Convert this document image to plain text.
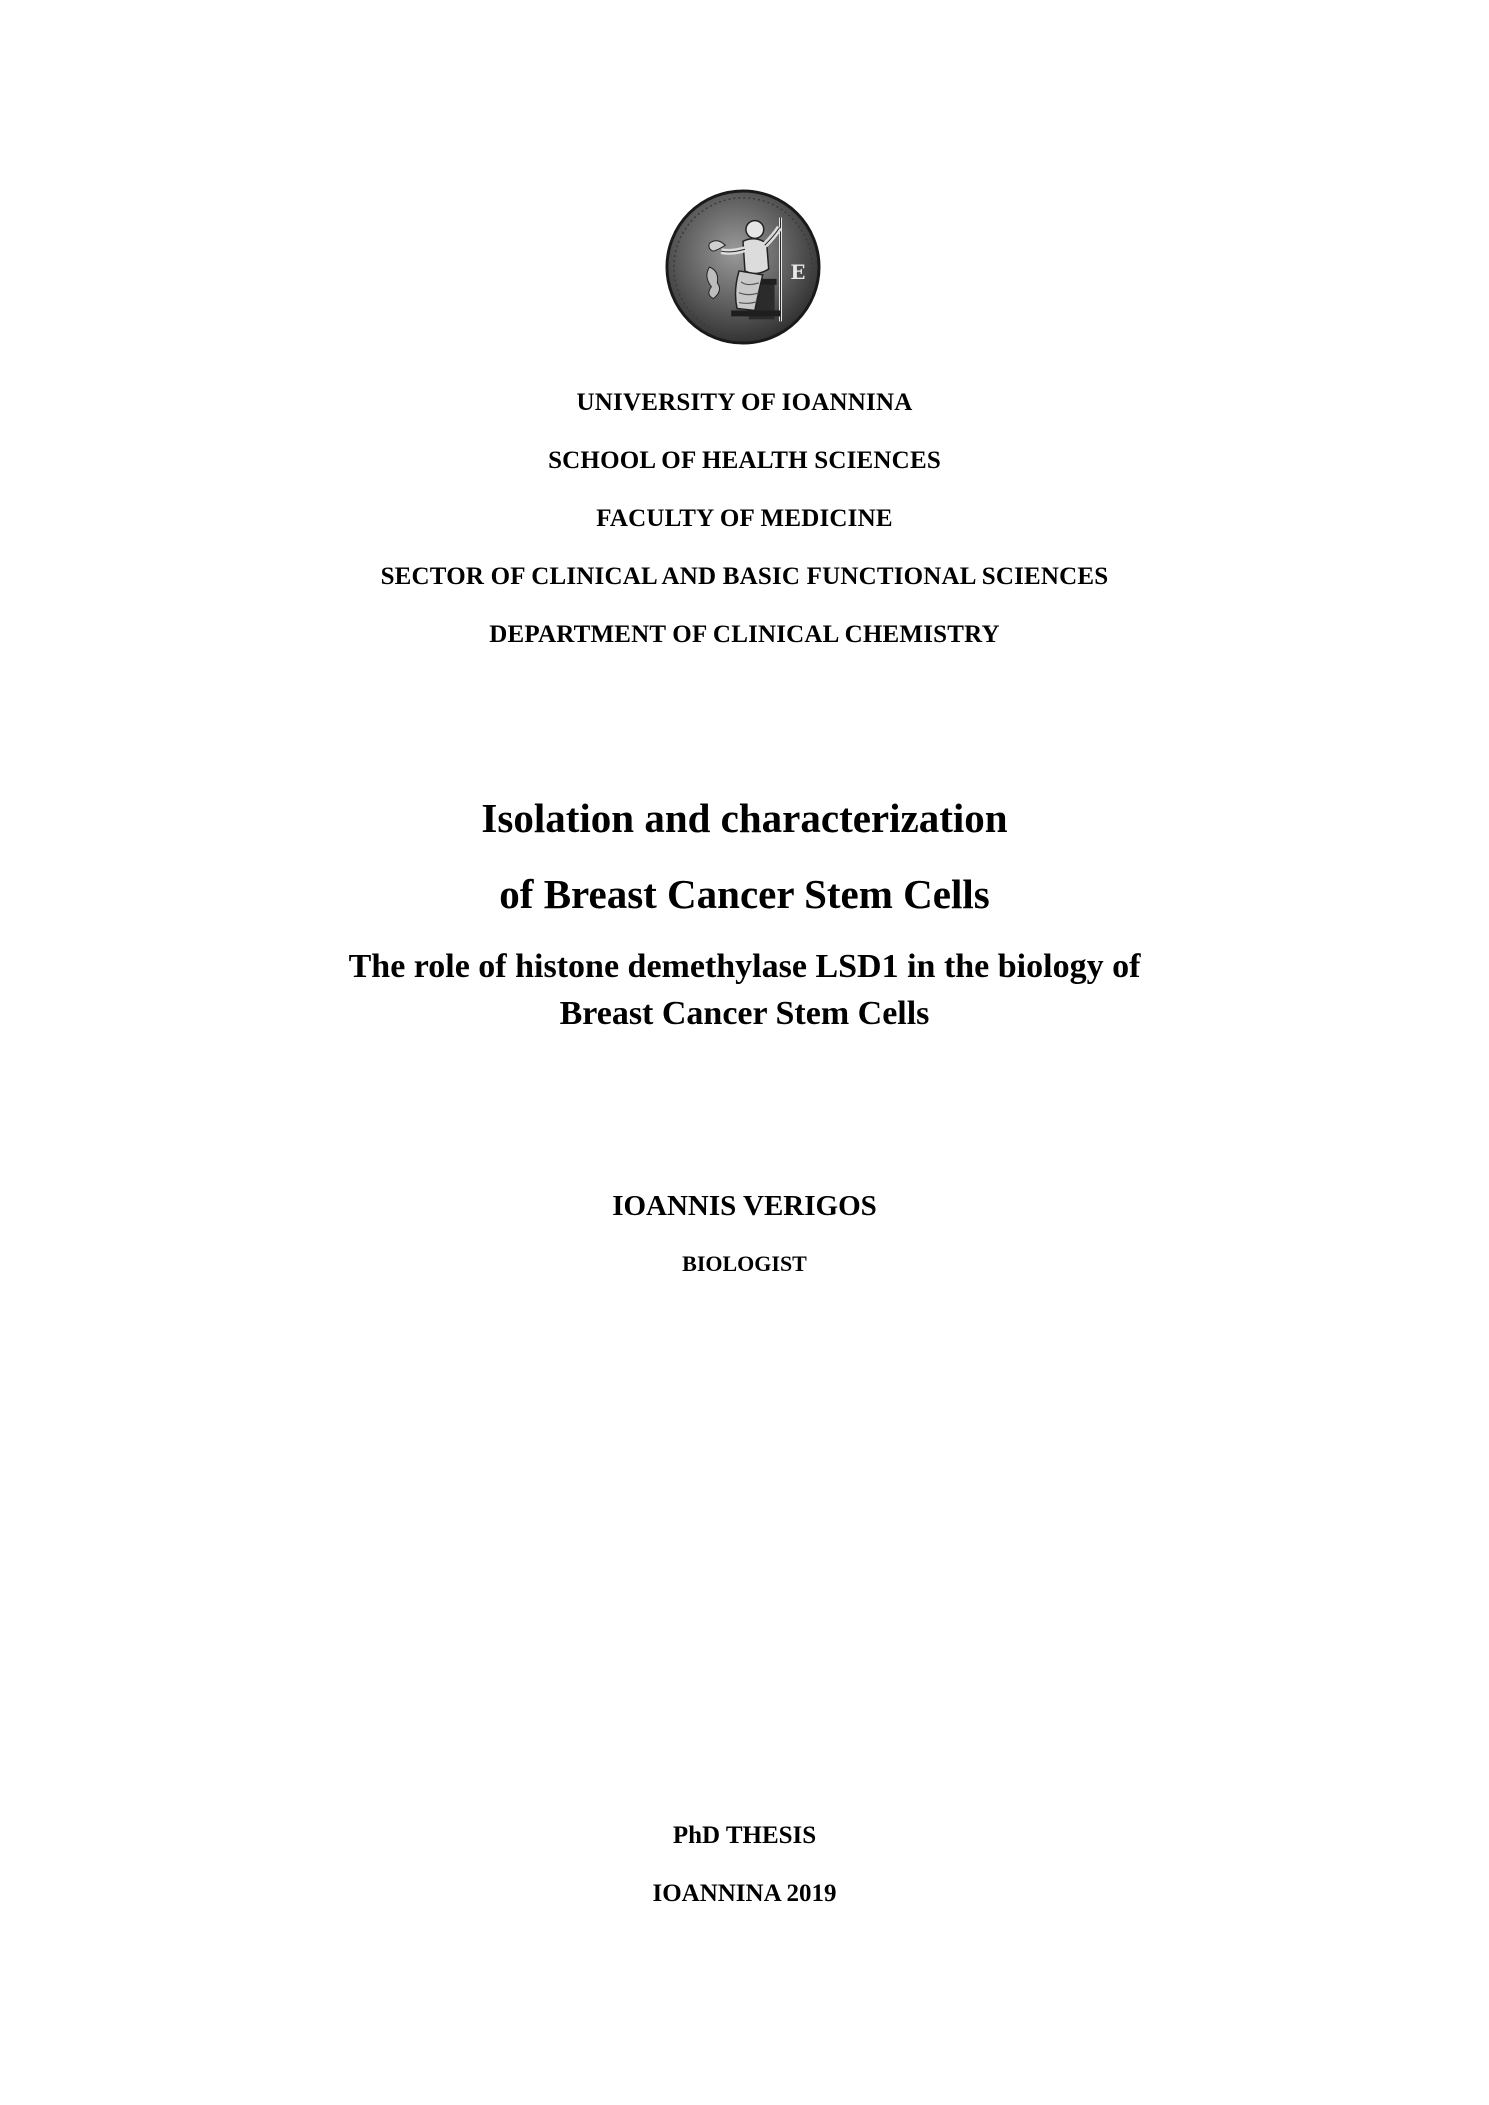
Ε
UNIVERSITY OF IOANNINA
SCHOOL OF HEALTH SCIENCES
FACULTY OF MEDICINE
SECTOR OF CLINICAL AND BASIC FUNCTIONAL SCIENCES
DEPARTMENT OF CLINICAL CHEMISTRY
Isolation and characterization
of Breast Cancer Stem Cells
The role of histone demethylase LSD1 in the biology of
Breast Cancer Stem Cells
IOANNIS VERIGOS
BIOLOGIST
PhD THESIS
IOANNINA 2019
